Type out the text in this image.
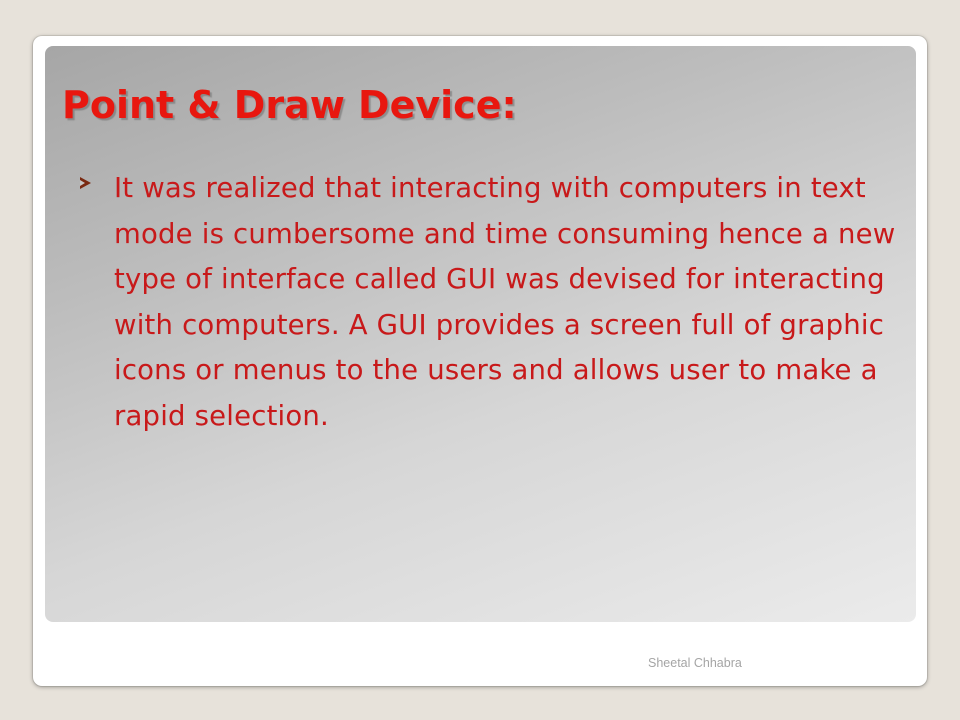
Point & Draw Device:
It was realized that interacting with computers in text mode is cumbersome and time consuming hence a new type of interface called GUI was devised for interacting with computers. A GUI provides a screen full of graphic icons or menus to the users and allows user to make a rapid selection.
Sheetal Chhabra
